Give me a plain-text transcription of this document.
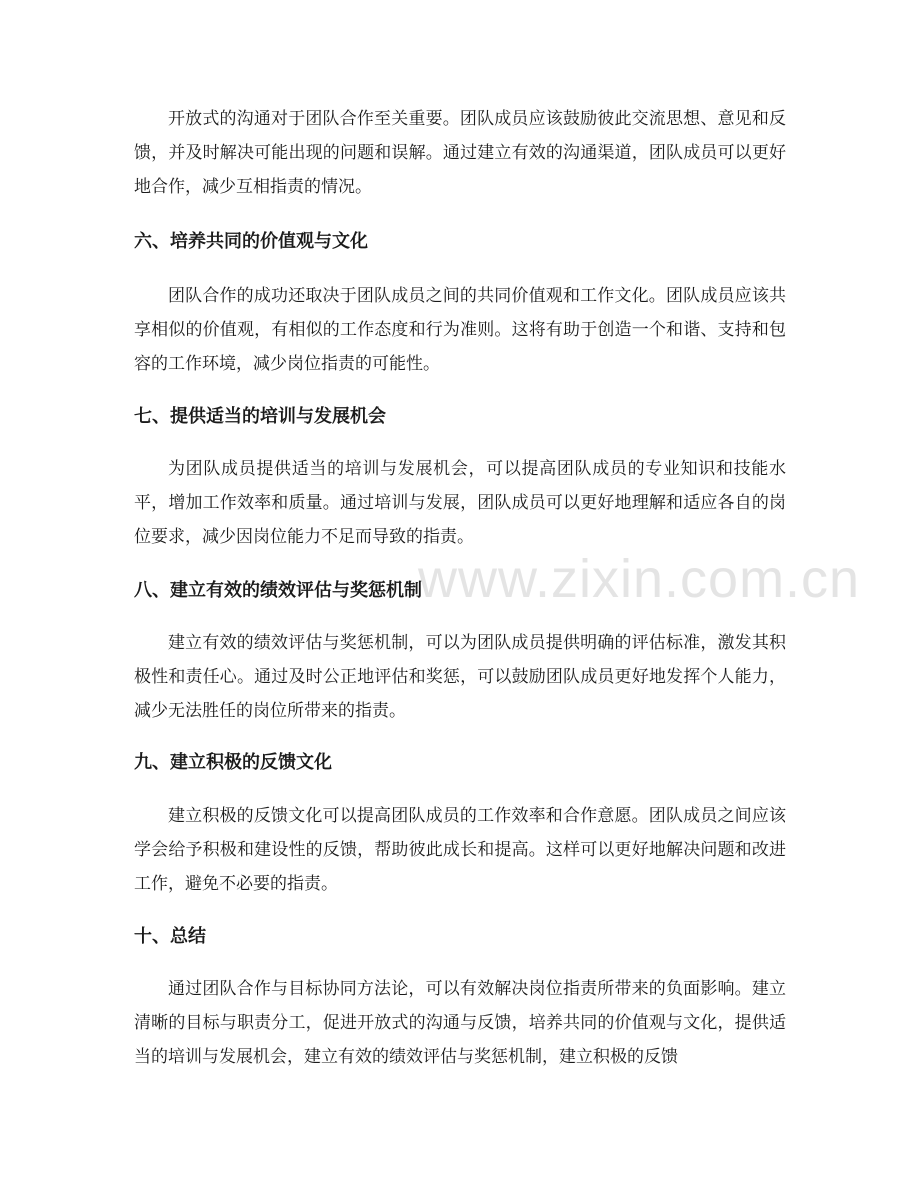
www.zixin.com.cn

开放式的沟通对于团队合作至关重要。团队成员应该鼓励彼此交流思想、意见和反馈，并及时解决可能出现的问题和误解。通过建立有效的沟通渠道，团队成员可以更好地合作，减少互相指责的情况。

六、培养共同的价值观与文化

团队合作的成功还取决于团队成员之间的共同价值观和工作文化。团队成员应该共享相似的价值观，有相似的工作态度和行为准则。这将有助于创造一个和谐、支持和包容的工作环境，减少岗位指责的可能性。

七、提供适当的培训与发展机会

为团队成员提供适当的培训与发展机会，可以提高团队成员的专业知识和技能水平，增加工作效率和质量。通过培训与发展，团队成员可以更好地理解和适应各自的岗位要求，减少因岗位能力不足而导致的指责。

八、建立有效的绩效评估与奖惩机制

建立有效的绩效评估与奖惩机制，可以为团队成员提供明确的评估标准，激发其积极性和责任心。通过及时公正地评估和奖惩，可以鼓励团队成员更好地发挥个人能力，减少无法胜任的岗位所带来的指责。

九、建立积极的反馈文化

建立积极的反馈文化可以提高团队成员的工作效率和合作意愿。团队成员之间应该学会给予积极和建设性的反馈，帮助彼此成长和提高。这样可以更好地解决问题和改进工作，避免不必要的指责。

十、总结

通过团队合作与目标协同方法论，可以有效解决岗位指责所带来的负面影响。建立清晰的目标与职责分工，促进开放式的沟通与反馈，培养共同的价值观与文化，提供适当的培训与发展机会，建立有效的绩效评估与奖惩机制，建立积极的反馈
